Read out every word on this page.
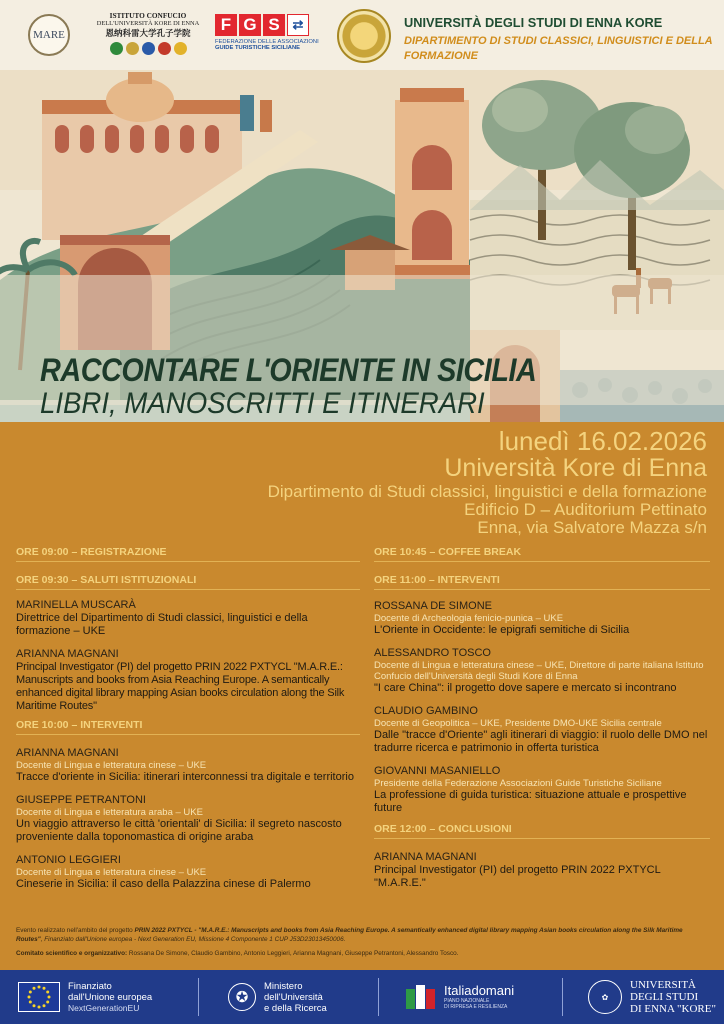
MARE
ISTITUTO CONFUCIO
DELL'UNIVERSITÀ KORE DI ENNA
恩纳科雷大学孔子学院	F G S ⇄
FEDERAZIONE DELLE ASSOCIAZIONI
GUIDE TURISTICHE SICILIANE
UNIVERSITÀ DEGLI STUDI DI ENNA KORE
DIPARTIMENTO DI STUDI CLASSICI, LINGUISTICI E DELLA FORMAZIONE
RACCONTARE L'ORIENTE IN SICILIA
LIBRI, MANOSCRITTI E ITINERARI
lunedì 16.02.2026
Università Kore di Enna
Dipartimento di Studi classici, linguistici e della formazione
Edificio D – Auditorium Pettinato
Enna, via Salvatore Mazza s/n
ORE 09:00 – REGISTRAZIONE
ORE 09:30 – SALUTI ISTITUZIONALI
MARINELLA MUSCARÀ
Direttrice del Dipartimento di Studi classici, linguistici e della formazione – UKE
ARIANNA MAGNANI
Principal Investigator (PI) del progetto PRIN 2022 PXTYCL "M.A.R.E.: Manuscripts and books from Asia Reaching Europe. A semantically enhanced digital library mapping Asian books circulation along the Silk Maritime Routes"
ORE 10:00 – INTERVENTI
ARIANNA MAGNANI
Docente di Lingua e letteratura cinese – UKE
Tracce d'oriente in Sicilia: itinerari interconnessi tra digitale e territorio
GIUSEPPE PETRANTONI
Docente di Lingua e letteratura araba – UKE
Un viaggio attraverso le città 'orientali' di Sicilia: il segreto nascosto proveniente dalla toponomastica di origine araba
ANTONIO LEGGIERI
Docente di Lingua e letteratura cinese – UKE
Cineserie in Sicilia: il caso della Palazzina cinese di Palermo
ORE 10:45 – COFFEE BREAK
ORE 11:00 – INTERVENTI
ROSSANA DE SIMONE
Docente di Archeologia fenicio-punica – UKE
L'Oriente in Occidente: le epigrafi semitiche di Sicilia
ALESSANDRO TOSCO
Docente di Lingua e letteratura cinese – UKE, Direttore di parte italiana Istituto Confucio dell'Università degli Studi Kore di Enna
"I care China": il progetto dove sapere e mercato si incontrano
CLAUDIO GAMBINO
Docente di Geopolitica – UKE, Presidente DMO-UKE Sicilia centrale
Dalle "tracce d'Oriente" agli itinerari di viaggio: il ruolo delle DMO nel tradurre ricerca e patrimonio in offerta turistica
GIOVANNI MASANIELLO
Presidente della Federazione Associazioni Guide Turistiche Siciliane
La professione di guida turistica: situazione attuale e prospettive future
ORE 12:00 – CONCLUSIONI
ARIANNA MAGNANI
Principal Investigator (PI) del progetto PRIN 2022 PXTYCL "M.A.R.E."
Evento realizzato nell'ambito del progetto PRIN 2022 PXTYCL - "M.A.R.E.: Manuscripts and books from Asia Reaching Europe. A semantically enhanced digital library mapping Asian books circulation along the Silk Maritime Routes", Finanziato dall'Unione europea - Next Generation EU, Missione 4 Componente 1 CUP J53D23013450006.
Comitato scientifico e organizzativo: Rossana De Simone, Claudio Gambino, Antonio Leggieri, Arianna Magnani, Giuseppe Petrantoni, Alessandro Tosco.
Finanziato
dall'Unione europea
NextGenerationEU
✪
Ministero
dell'Università
e della Ricerca
Italiadomani
PIANO NAZIONALE
DI RIPRESA E RESILIENZA
✿
UNIVERSITÀ
DEGLI STUDI
DI ENNA "KORE"
